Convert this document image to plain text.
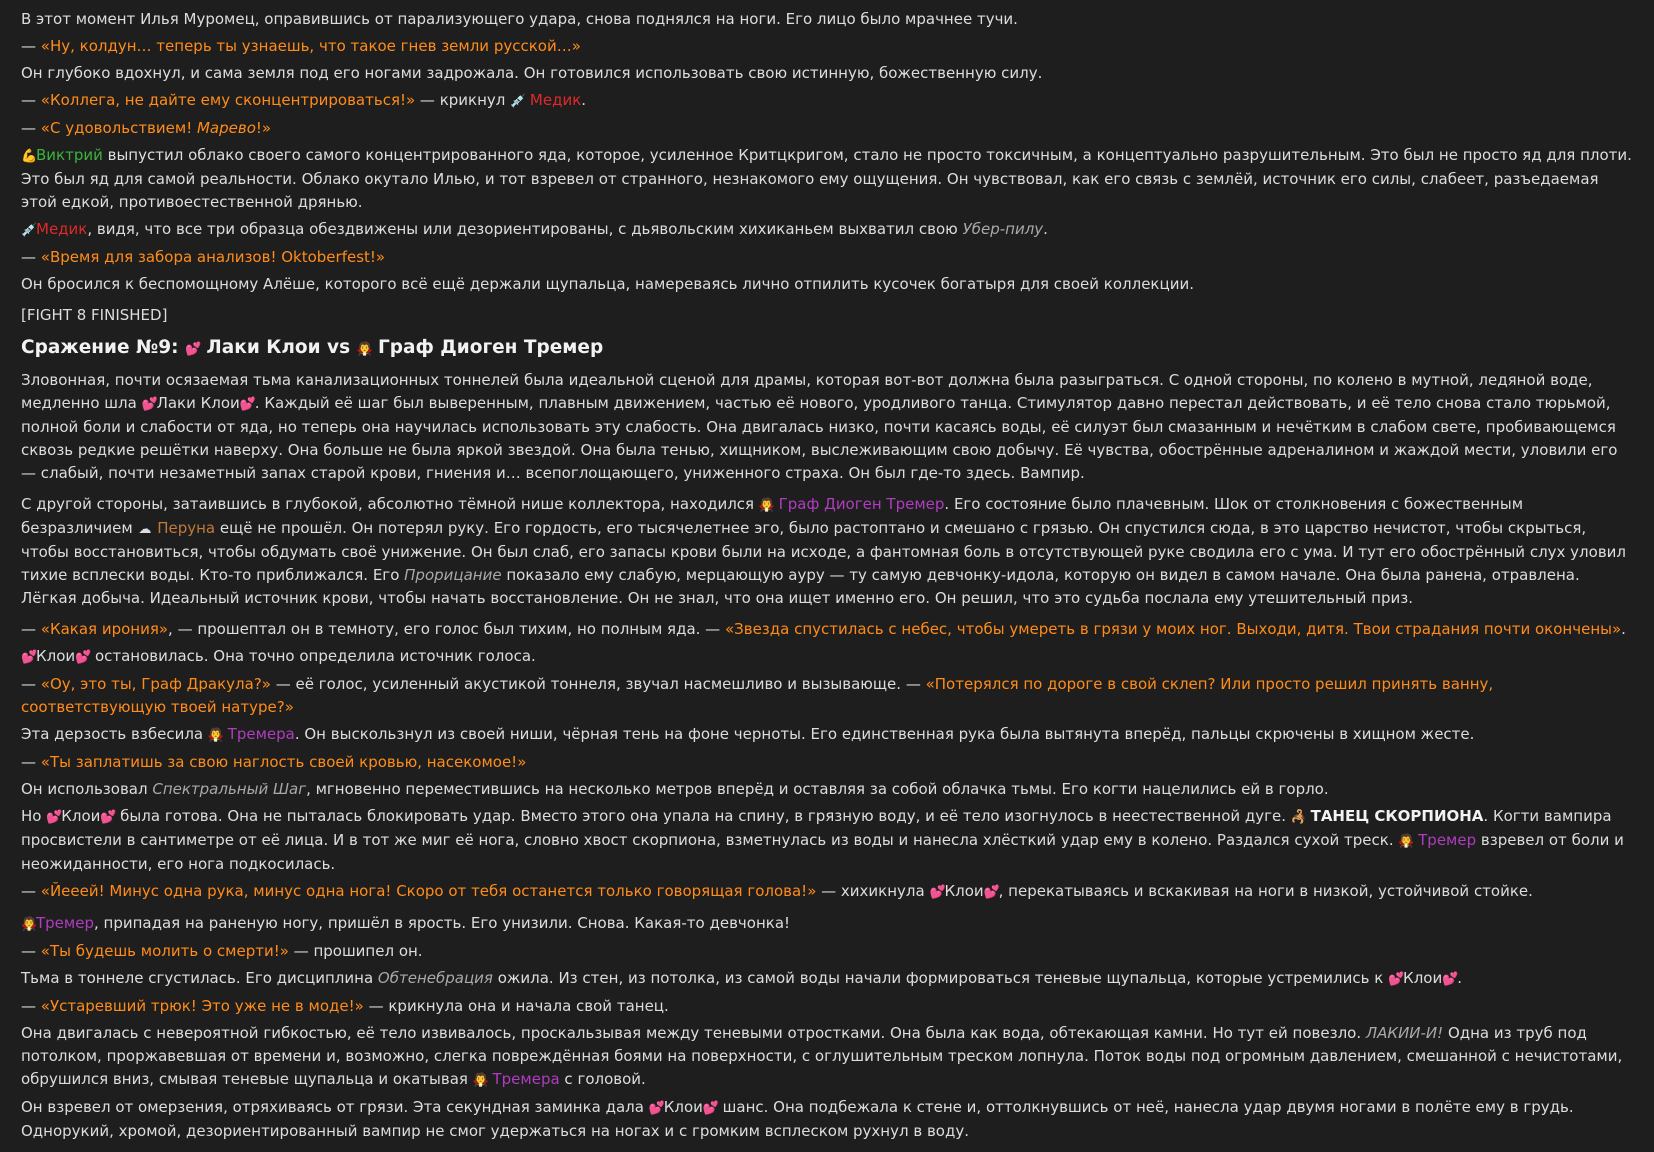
В этот момент Илья Муромец, оправившись от парализующего удара, снова поднялся на ноги. Его лицо было мрачнее тучи.

— «Ну, колдун… теперь ты узнаешь, что такое гнев земли русской…»

Он глубоко вдохнул, и сама земля под его ногами задрожала. Он готовился использовать свою истинную, божественную силу.

— «Коллега, не дайте ему сконцентрироваться!» — крикнул 💉 Медик.

— «С удовольствием! Марево!»

💪Виктрий выпустил облако своего самого концентрированного яда, которое, усиленное Критцкригом, стало не просто токсичным, а концептуально разрушительным. Это был не просто яд для плоти. Это был яд для самой реальности. Облако окутало Илью, и тот взревел от странного, незнакомого ему ощущения. Он чувствовал, как его связь с землёй, источник его силы, слабеет, разъедаемая этой едкой, противоестественной дрянью.

💉Медик, видя, что все три образца обездвижены или дезориентированы, с дьявольским хихиканьем выхватил свою Убер-пилу.

— «Время для забора анализов! Oktoberfest!»

Он бросился к беспомощному Алёше, которого всё ещё держали щупальца, намереваясь лично отпилить кусочек богатыря для своей коллекции.

[FIGHT 8 FINISHED]

Сражение №9: 💕 Лаки Клои vs 🧛 Граф Диоген Тремер

Зловонная, почти осязаемая тьма канализационных тоннелей была идеальной сценой для драмы, которая вот-вот должна была разыграться. С одной стороны, по колено в мутной, ледяной воде, медленно шла 💕Лаки Клои💕. Каждый её шаг был выверенным, плавным движением, частью её нового, уродливого танца. Стимулятор давно перестал действовать, и её тело снова стало тюрьмой, полной боли и слабости от яда, но теперь она научилась использовать эту слабость. Она двигалась низко, почти касаясь воды, её силуэт был смазанным и нечётким в слабом свете, пробивающемся сквозь редкие решётки наверху. Она больше не была яркой звездой. Она была тенью, хищником, выслеживающим свою добычу. Её чувства, обострённые адреналином и жаждой мести, уловили его — слабый, почти незаметный запах старой крови, гниения и… всепоглощающего, униженного страха. Он был где-то здесь. Вампир.

С другой стороны, затаившись в глубокой, абсолютно тёмной нише коллектора, находился 🧛 Граф Диоген Тремер. Его состояние было плачевным. Шок от столкновения с божественным безразличием ☁ Перуна ещё не прошёл. Он потерял руку. Его гордость, его тысячелетнее эго, было растоптано и смешано с грязью. Он спустился сюда, в это царство нечистот, чтобы скрыться, чтобы восстановиться, чтобы обдумать своё унижение. Он был слаб, его запасы крови были на исходе, а фантомная боль в отсутствующей руке сводила его с ума. И тут его обострённый слух уловил тихие всплески воды. Кто-то приближался. Его Прорицание показало ему слабую, мерцающую ауру — ту самую девчонку-идола, которую он видел в самом начале. Она была ранена, отравлена. Лёгкая добыча. Идеальный источник крови, чтобы начать восстановление. Он не знал, что она ищет именно его. Он решил, что это судьба послала ему утешительный приз.

— «Какая ирония», — прошептал он в темноту, его голос был тихим, но полным яда. — «Звезда спустилась с небес, чтобы умереть в грязи у моих ног. Выходи, дитя. Твои страдания почти окончены».

💕Клои💕 остановилась. Она точно определила источник голоса.

— «Оу, это ты, Граф Дракула?» — её голос, усиленный акустикой тоннеля, звучал насмешливо и вызывающе. — «Потерялся по дороге в свой склеп? Или просто решил принять ванну, соответствующую твоей натуре?»

Эта дерзость взбесила 🧛 Тремера. Он выскользнул из своей ниши, чёрная тень на фоне черноты. Его единственная рука была вытянута вперёд, пальцы скрючены в хищном жесте.

— «Ты заплатишь за свою наглость своей кровью, насекомое!»

Он использовал Спектральный Шаг, мгновенно переместившись на несколько метров вперёд и оставляя за собой облачка тьмы. Его когти нацелились ей в горло.

Но 💕Клои💕 была готова. Она не пыталась блокировать удар. Вместо этого она упала на спину, в грязную воду, и её тело изогнулось в неестественной дуге. 🦂 ТАНЕЦ СКОРПИОНА. Когти вампира просвистели в сантиметре от её лица. И в тот же миг её нога, словно хвост скорпиона, взметнулась из воды и нанесла хлёсткий удар ему в колено. Раздался сухой треск. 🧛 Тремер взревел от боли и неожиданности, его нога подкосилась.

— «Йееей! Минус одна рука, минус одна нога! Скоро от тебя останется только говорящая голова!» — хихикнула 💕Клои💕, перекатываясь и вскакивая на ноги в низкой, устойчивой стойке.

🧛Тремер, припадая на раненую ногу, пришёл в ярость. Его унизили. Снова. Какая-то девчонка!

— «Ты будешь молить о смерти!» — прошипел он.

Тьма в тоннеле сгустилась. Его дисциплина Обтенебрация ожила. Из стен, из потолка, из самой воды начали формироваться теневые щупальца, которые устремились к 💕Клои💕.

— «Устаревший трюк! Это уже не в моде!» — крикнула она и начала свой танец.

Она двигалась с невероятной гибкостью, её тело извивалось, проскальзывая между теневыми отростками. Она была как вода, обтекающая камни. Но тут ей повезло. ЛАКИИ-И! Одна из труб под потолком, проржавевшая от времени и, возможно, слегка повреждённая боями на поверхности, с оглушительным треском лопнула. Поток воды под огромным давлением, смешанной с нечистотами, обрушился вниз, смывая теневые щупальца и окатывая 🧛 Тремера с головой.

Он взревел от омерзения, отряхиваясь от грязи. Эта секундная заминка дала 💕Клои💕 шанс. Она подбежала к стене и, оттолкнувшись от неё, нанесла удар двумя ногами в полёте ему в грудь. Однорукий, хромой, дезориентированный вампир не смог удержаться на ногах и с громким всплеском рухнул в воду.
